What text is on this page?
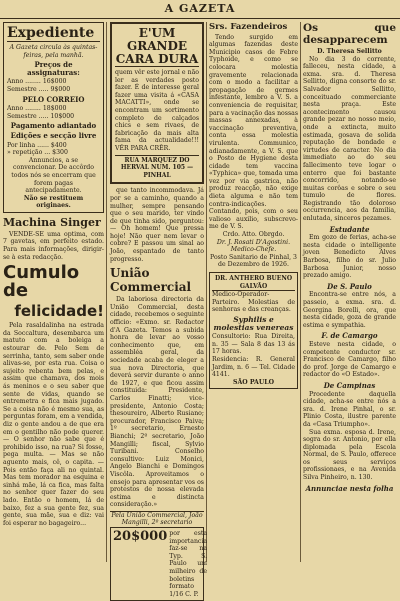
A GAZETA
Expediente
A Gazeta circula às quintas-feiras, pela manhã.
Preços de assignaturas:
Anno ........ 16$000
Semestre ..... 9$000
PELO CORREIO
Anno ........ 18$000
Semestre ..... 10$000
Pagamento adiantado
Edições e secção livre
Por linha ...... $400
» repetição ... $300
Annuncios, a se convencionar. De accôrdo todos nós se encerram que forem pagas antecipadamente.
Não se restituem originaes.
Machina Singer

VENDE-SE uma optima, com 7 gavetas, em perfeito estado. Para mais informações, dirigir-se à esta redacção.

Cumulo de
felicidade!

Pela rasaldalinha na estrada da Soccaltura, desembarca um matuto com a boleiga a estourar de. Pelo Sem de serrinha, tanto, sem saber onde alivas-se, por esta rua. Coisa o sujeito rebenta bem pelas, e assim que chamava, dos mois ás meninos e o seu saber que sente de vidas, quando se entremetra e fica mais jugado. Se a coisa não é mesmo sua, as perguntas foram, em a vendida, diz o gente andou a de que era em o gentilho não pode querer. — O senhor não sabe que é prohibido isso, na rua? Si fosse, pega multa. — Mas se não aguento mais, cê, o capita. — Pois então faça ali no quintal. Mas tem morador na esquina e sinhá mãe, lá ca fica, mas falta no senhor quer fazer do seu lado. Então o homem, lá de baixo, fez a sua gente fez, sua gente, sua mãe, sua e diz: vai foi esperar no bagageiro...

E'UM GRANDE CARA DURA
quem vêr este jornal e não ler as verdades posto fazer. É de interesse geral fazer uma visita á «CASA MACATTI», onde se encontram um sortimento completo de calçados chics e sem rivaes, de fabricação da mais alta fama da actualidade!!! VÊR PARA CRÊR.
RUA MARQUEZ DO HERVAL NUM. 105 — PINHAL

que tanto incommodava. Já por se a caminho, quando a mulher, sempre pensando que o seu marido, ter vindo de que tinha sido, perguntou: — Oh homem! Que pressa hoje! Não quer nem levar o cobre? E passou um sinal ao João, espantado de tanto progresso.

União Commercial

Da laboriosa directoria da União Commercial, desta cidade, recebemos o seguinte officio: «Exmo. sr. Redactor d'A Gazeta. Temos a subida honra de levar ao vosso conhecimento que, em assembléa geral, da sociedade acaba de eleger a sua nova Directoria, que deverá servir durante o anno de 1927, e que ficou assim constituida: Presidente, Carlos Finatti; vice-presidente, Antonio Costa; thesoureiro, Alberto Rusiano; procurador, Francisco Paiva; 1º secretario, Ernesto Bianchi; 2º secretario, João Mangilli; fiscal, Sylvio Turibani. Conselho consultivo: Luiz Monici, Angelo Bianchi e Domingos Viscôla. Aproveitamos o ensejo para apresentar vos os protestos de nossa elevada estima e distincta consideração.»

Pela União Commercial, João Mangilli, 2º secretario
20$000 por esta importancia faz-se na Typ. S. Paulo um milheiro de boletins formato 1/16 C. P.
Srs. Fazendeiros

Tendo surgido em algumas fazendas deste Municipio casos de Febre Typhoide, e como se colocara molestia gravemente relacionada com o modo a facilitar a propagação de germes infestante, lembro a V. S. a conveniencia de requisitar, para a vacinação das nossas massas annexadas, à vaccinação preventiva, conta essa molestia virulenta. Communico, adianadamente, a V. S. que o Posto de Hygiene desta cidade tem vaccina «Typhica» que, tomada uma vez por via gastrica, não produz reacção, não exige dieta alguma e não tem contra-indicações. Contando, pois, com o seu valioso auxilio, subscrevo-me de V. S.

Crdo. Atto. Obrgdo.
Dr. J. Rosati D'Agostini. Medico-Chefe.
Posto Sanitario de Pinhal, 3 de Dezembro de 1926.
DR. ANTHERO BUENO GALVÃO
Medico-Operador-Parteiro. Molestias de senhoras e das creanças.
Syphilis e molestias venereas
Consultorio: Rua Direita, n. 35 — Sala 8 das 13 ás 17 horas.
Residencia: R. General Jardim, n. 6 — Tel. Cidade 4141.
SÃO PAULO
Os que desapparecem
D. Theresa Sellitto

No dia 3 do corrente, falleceu, nesta cidade, a exma. sra. d. Theresa Sellitto, digna consorte do sr. Salvador Sellitto, conceituado commerciante nesta praça. Este acontecimento causou grande pezar no nosso meio, onde a extincta, muito estimada, gosava de solida reputação de bondade e virtudes de caracter. No dia immediato ao do seu fallecimento teve logar o enterro que foi bastante concorrido, notando-se muitas corôas e sobre o seu tumulo de flores. Registrando tão doloroso occurrencia, aos da familia, enlutada, sinceros pezames.

Estudante

Em gozo de ferias, acha-se nesta cidade o intelligente joven Benedicto Alves Barbosa, filho do sr. Julio Barbosa Junior, nosso prezado amigo.

De S. Paulo

Encontra-se entre nós, a passeio, a exma. sra. d. Georgina Borelli, ora, que nesta cidade, goza de grande estima e sympathia.

F. de Camargo

Esteve nesta cidade, o competente conductor sr. Francisco de Camargo, filho do prof. Jorge de Camargo e redactor do «O Estado».

De Campinas

Procedente daquella cidade, acha-se entre nós a sra. d. Irene Pinhal, o sr. Plinio Costa, ilustre parente da «Casa Triumpho».

Sua exma. esposa d. Irene, sogra do sr. Antonio, por ella diplomada pela Escola Normal, de S. Paulo, offerece os seus serviços profissionaes, e na Avenida Silva Pinheiro, n. 130.

Annunciae nesta folha
